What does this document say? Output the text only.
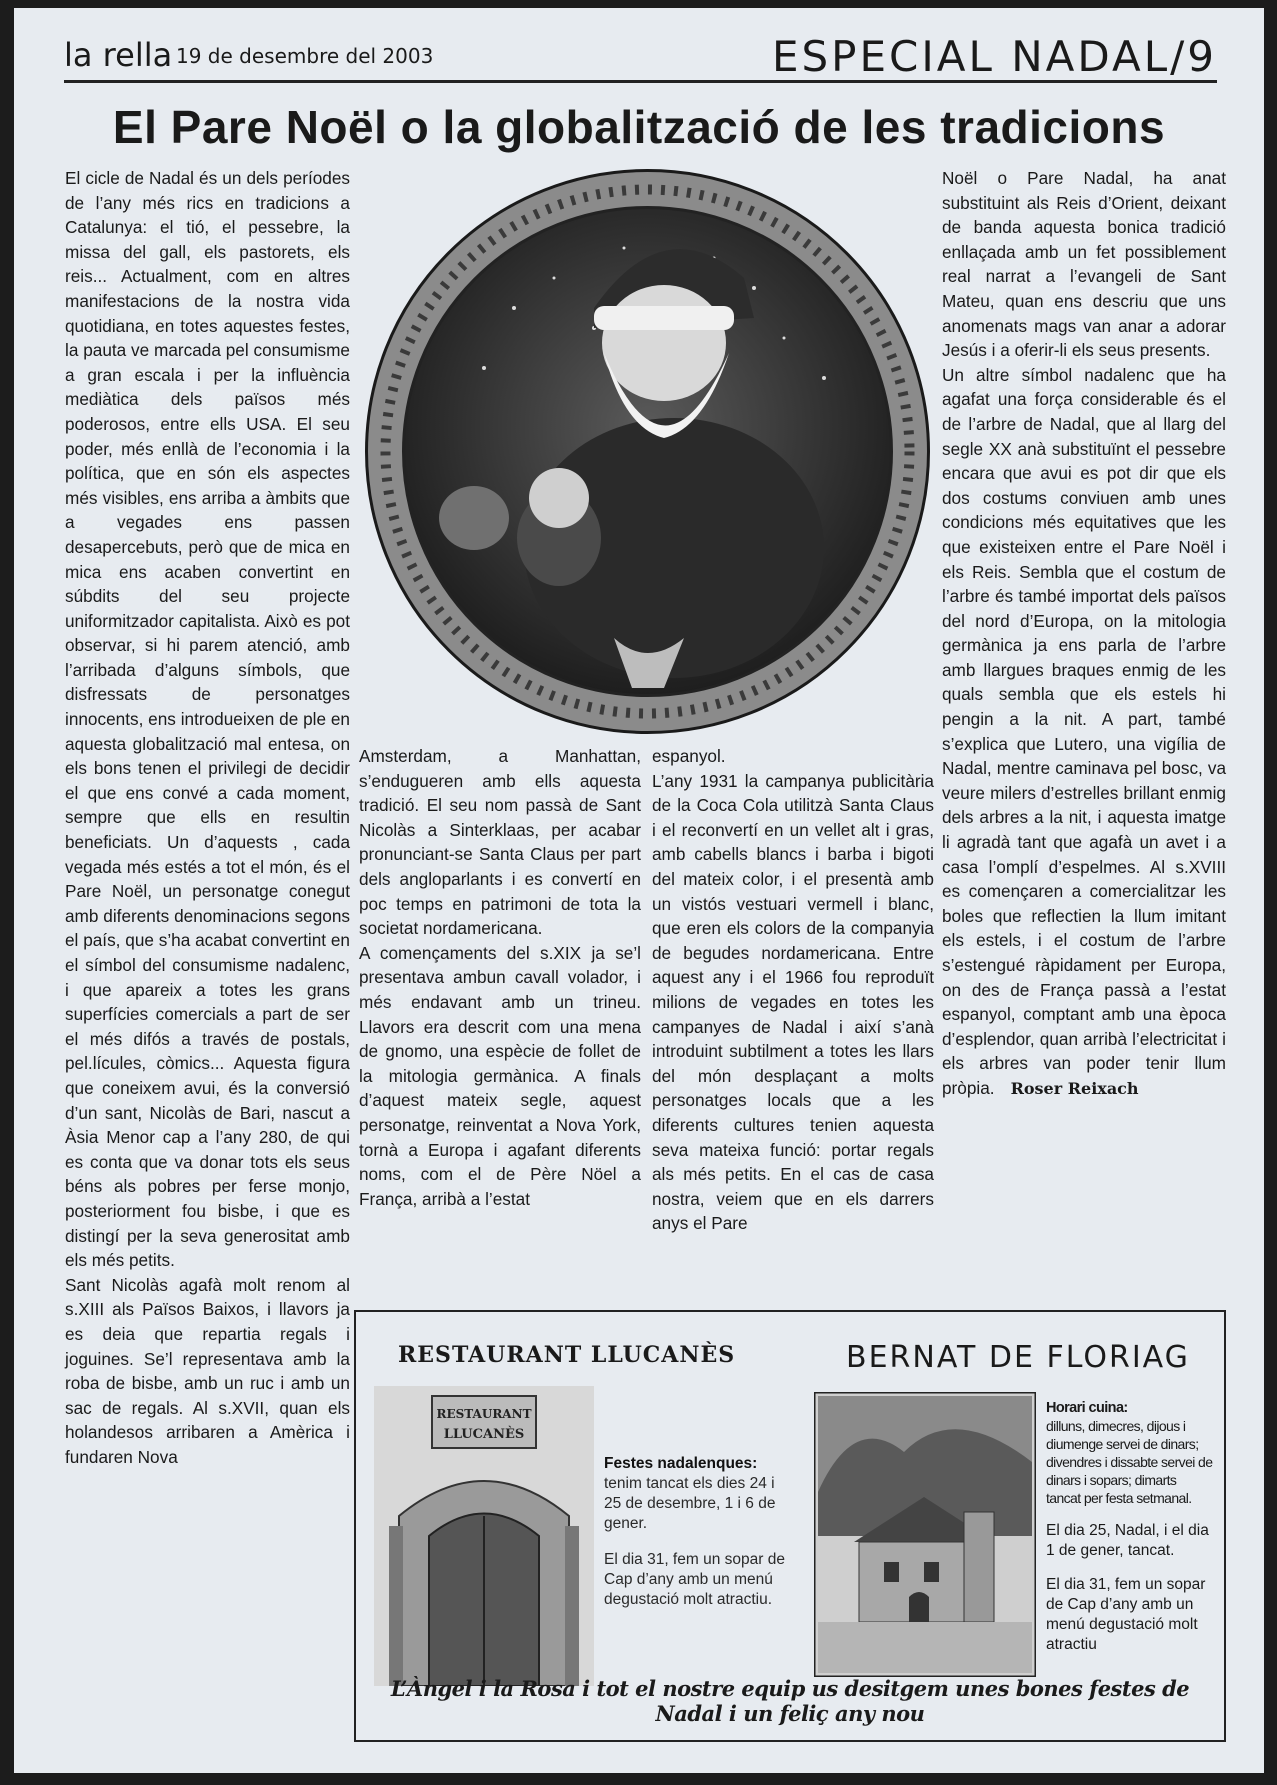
la rella 19 de desembre del 2003	ESPECIAL NADAL/9
El Pare Noël o la globalització de les tradicions

El cicle de Nadal és un dels períodes de l’any més rics en tradicions a Catalunya: el tió, el pessebre, la missa del gall, els pastorets, els reis... Actualment, com en altres manifestacions de la nostra vida quotidiana, en totes aquestes festes, la pauta ve marcada pel consumisme a gran escala i per la influència mediàtica dels països més poderosos, entre ells USA. El seu poder, més enllà de l’economia i la política, que en són els aspectes més visibles, ens arriba a àmbits que a vegades ens passen desapercebuts, però que de mica en mica ens acaben convertint en súbdits del seu projecte uniformitzador capitalista. Això es pot observar, si hi parem atenció, amb l’arribada d’alguns símbols, que disfressats de personatges innocents, ens introdueixen de ple en aquesta globalització mal entesa, on els bons tenen el privilegi de decidir el que ens convé a cada moment, sempre que ells en resultin beneficiats. Un d’aquests , cada vegada més estés a tot el món, és el Pare Noël, un personatge conegut amb diferents denominacions segons el país, que s’ha acabat convertint en el símbol del consumisme nadalenc, i que apareix a totes les grans superfícies comercials a part de ser el més difós a través de postals, pel.lícules, còmics... Aquesta figura que coneixem avui, és la conversió d’un sant, Nicolàs de Bari, nascut a Àsia Menor cap a l’any 280, de qui es conta que va donar tots els seus béns als pobres per ferse monjo, posteriorment fou bisbe, i que es distingí per la seva generositat amb els més petits.

Sant Nicolàs agafà molt renom al s.XIII als Països Baixos, i llavors ja es deia que repartia regals i joguines. Se’l representava amb la roba de bisbe, amb un ruc i amb un sac de regals. Al s.XVII, quan els holandesos arribaren a Amèrica i fundaren Nova

Amsterdam, a Manhattan, s’endugueren amb ells aquesta tradició. El seu nom passà de Sant Nicolàs a Sinterklaas, per acabar pronunciant-se Santa Claus per part dels angloparlants i es convertí en poc temps en patrimoni de tota la societat nordamericana.

A començaments del s.XIX ja se’l presentava ambun cavall volador, i més endavant amb un trineu. Llavors era descrit com una mena de gnomo, una espècie de follet de la mitologia germànica. A finals d’aquest mateix segle, aquest personatge, reinventat a Nova York, tornà a Europa i agafant diferents noms, com el de Père Nöel a França, arribà a l’estat

espanyol.

L’any 1931 la campanya publicitària de la Coca Cola utilitzà Santa Claus i el reconvertí en un vellet alt i gras, amb cabells blancs i barba i bigoti del mateix color, i el presentà amb un vistós vestuari vermell i blanc, que eren els colors de la companyia de begudes nordamericana. Entre aquest any i el 1966 fou reproduït milions de vegades en totes les campanyes de Nadal i així s’anà introduint subtilment a totes les llars del món desplaçant a molts personatges locals que a les diferents cultures tenien aquesta seva mateixa funció: portar regals als més petits. En el cas de casa nostra, veiem que en els darrers anys el Pare

Noël o Pare Nadal, ha anat substituint als Reis d’Orient, deixant de banda aquesta bonica tradició enllaçada amb un fet possiblement real narrat a l’evangeli de Sant Mateu, quan ens descriu que uns anomenats mags van anar a adorar Jesús i a oferir-li els seus presents.

Un altre símbol nadalenc que ha agafat una força considerable és el de l’arbre de Nadal, que al llarg del segle XX anà substituïnt el pessebre encara que avui es pot dir que els dos costums conviuen amb unes condicions més equitatives que les que existeixen entre el Pare Noël i els Reis. Sembla que el costum de l’arbre és també importat dels països del nord d’Europa, on la mitologia germànica ja ens parla de l’arbre amb llargues braques enmig de les quals sembla que els estels hi pengin a la nit. A part, també s’explica que Lutero, una vigília de Nadal, mentre caminava pel bosc, va veure milers d’estrelles brillant enmig dels arbres a la nit, i aquesta imatge li agradà tant que agafà un avet i a casa l’omplí d’espelmes. Al s.XVIII es començaren a comercialitzar les boles que reflectien la llum imitant els estels, i el costum de l’arbre s’estengué ràpidament per Europa, on des de França passà a l’estat espanyol, comptant amb una època d’esplendor, quan arribà l’electricitat i els arbres van poder tenir llum pròpia. Roser Reixach

RESTAURANT LLUCANÈS	BERNAT DE FLORIAG
RESTAURANT
LLUCANÈS

Festes nadalenques:
tenim tancat els dies 24 i 25 de desembre, 1 i 6 de gener.

El dia 31, fem un sopar de Cap d’any amb un menú degustació molt atractiu.

Horari cuina:
dilluns, dimecres, dijous i diumenge servei de dinars; divendres i dissabte servei de dinars i sopars; dimarts tancat per festa setmanal.

El dia 25, Nadal, i el dia 1 de gener, tancat.

El dia 31, fem un sopar de Cap d’any amb un menú degustació molt atractiu

L’Àngel i la Rosa i tot el nostre equip us desitgem unes bones festes de Nadal i un feliç any nou
